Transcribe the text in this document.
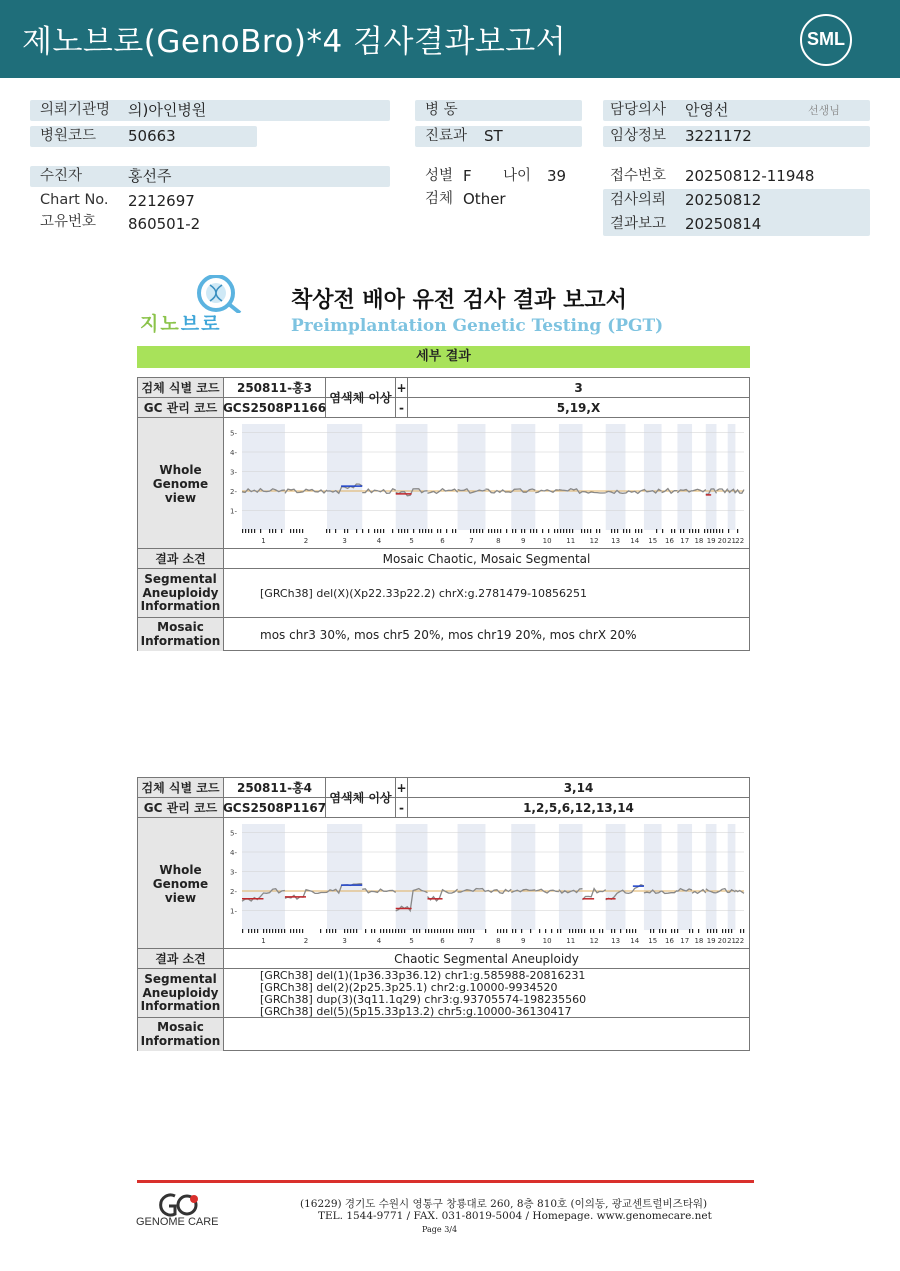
제노브로(GenoBro)*4 검사결과보고서	SML
의뢰기관명 의)아인병원
병원코드 50663
병 동
진료과 ST
담당의사 안영선	선생님
임상정보 3221172
수진자	홍선주
Chart No. 2212697
고유번호 860501-2
성별 F 나이 39
검체 Other
접수번호 20250812-11948
검사의뢰 20250812
결과보고 20250814
지노브로
착상전 배아 유전 검사 결과 보고서
Preimplantation Genetic Testing (PGT)
세부 결과
검체 식별 코드	250811-홍3	+	3
GC 관리 코드 GCS2508P1166	-	5,19,X
염색체 이상
Whole
Genome
view
5-
4-
3-
2-
1-
1	2	3	4	5	6	7	8	9 10 11 12 13 14 15 16 17 18 19 20 21 22
결과 소견	Mosaic Chaotic, Mosaic Segmental
Segmental
Aneuploidy
Information
[GRCh38] del(X)(Xp22.33p22.2) chrX:g.2781479-10856251
Mosaic
Information	mos chr3 30%, mos chr5 20%, mos chr19 20%, mos chrX 20%
검체 식별 코드	250811-홍4	+	3,14
GC 관리 코드 GCS2508P1167	-	1,2,5,6,12,13,14
염색체 이상
Whole
Genome
view
5-
4-
3-
2-
1-
1	2	3	4	5	6	7	8	9 10 11 12 13 14 15 16 17 18 19 20 21 22
결과 소견	Chaotic Segmental Aneuploidy
Segmental
Aneuploidy
Information
[GRCh38] del(1)(1p36.33p36.12) chr1:g.585988-20816231
[GRCh38] del(2)(2p25.3p25.1) chr2:g.10000-9934520
[GRCh38] dup(3)(3q11.1q29) chr3:g.93705574-198235560
[GRCh38] del(5)(5p15.33p13.2) chr5:g.10000-36130417
Mosaic
Information
GENOME CARE
(16229) 경기도 수원시 영통구 창룡대로 260, 8층 810호 (이의동, 광교센트럴비즈타워)
TEL. 1544-9771 / FAX. 031-8019-5004 / Homepage. www.genomecare.net
Page 3/4
